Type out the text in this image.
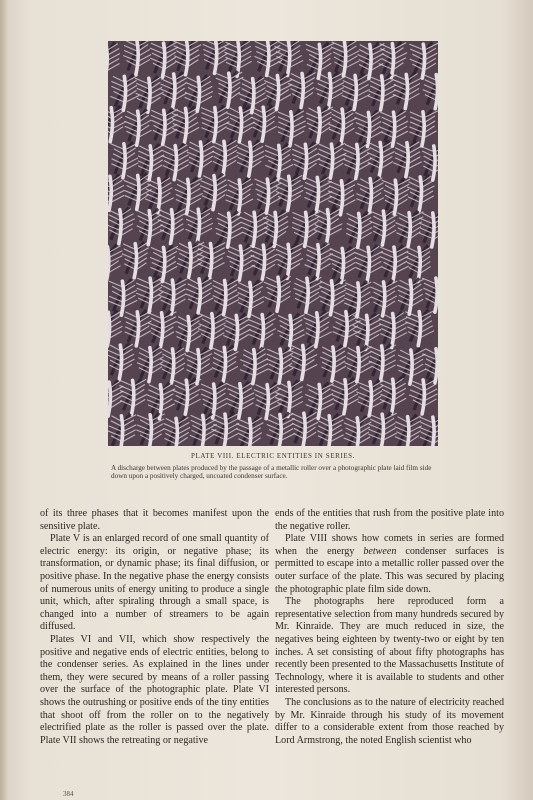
PLATE VIII. ELECTRIC ENTITIES IN SERIES.
A discharge between plates produced by the passage of a metallic roller over a photographic plate laid film side down upon a positively charged, uncoated condenser surface.

of its three phases that it becomes manifest upon the sensitive plate.

Plate V is an enlarged record of one small quantity of electric energy: its origin, or negative phase; its transformation, or dynamic phase; its final diffusion, or positive phase. In the negative phase the energy consists of numerous units of energy uniting to produce a single unit, which, after spiraling through a small space, is changed into a number of streamers to be again diffused.

Plates VI and VII, which show respectively the positive and negative ends of electric entities, belong to the condenser series. As explained in the lines under them, they were secured by means of a roller passing over the surface of the photographic plate. Plate VI shows the outrushing or positive ends of the tiny entities that shoot off from the roller on to the negatively electrified plate as the roller is passed over the plate. Plate VII shows the retreating or negative

ends of the entities that rush from the positive plate into the negative roller.

Plate VIII shows how comets in series are formed when the energy between condenser surfaces is permitted to escape into a metallic roller passed over the outer surface of the plate. This was secured by placing the photographic plate film side down.

The photographs here reproduced form a representative selection from many hundreds secured by Mr. Kinraide. They are much reduced in size, the negatives being eighteen by twenty-two or eight by ten inches. A set consisting of about fifty photographs has recently been presented to the Massachusetts Institute of Technology, where it is available to students and other interested persons.

The conclusions as to the nature of electricity reached by Mr. Kinraide through his study of its movement differ to a considerable extent from those reached by Lord Armstrong, the noted English scientist who

384
